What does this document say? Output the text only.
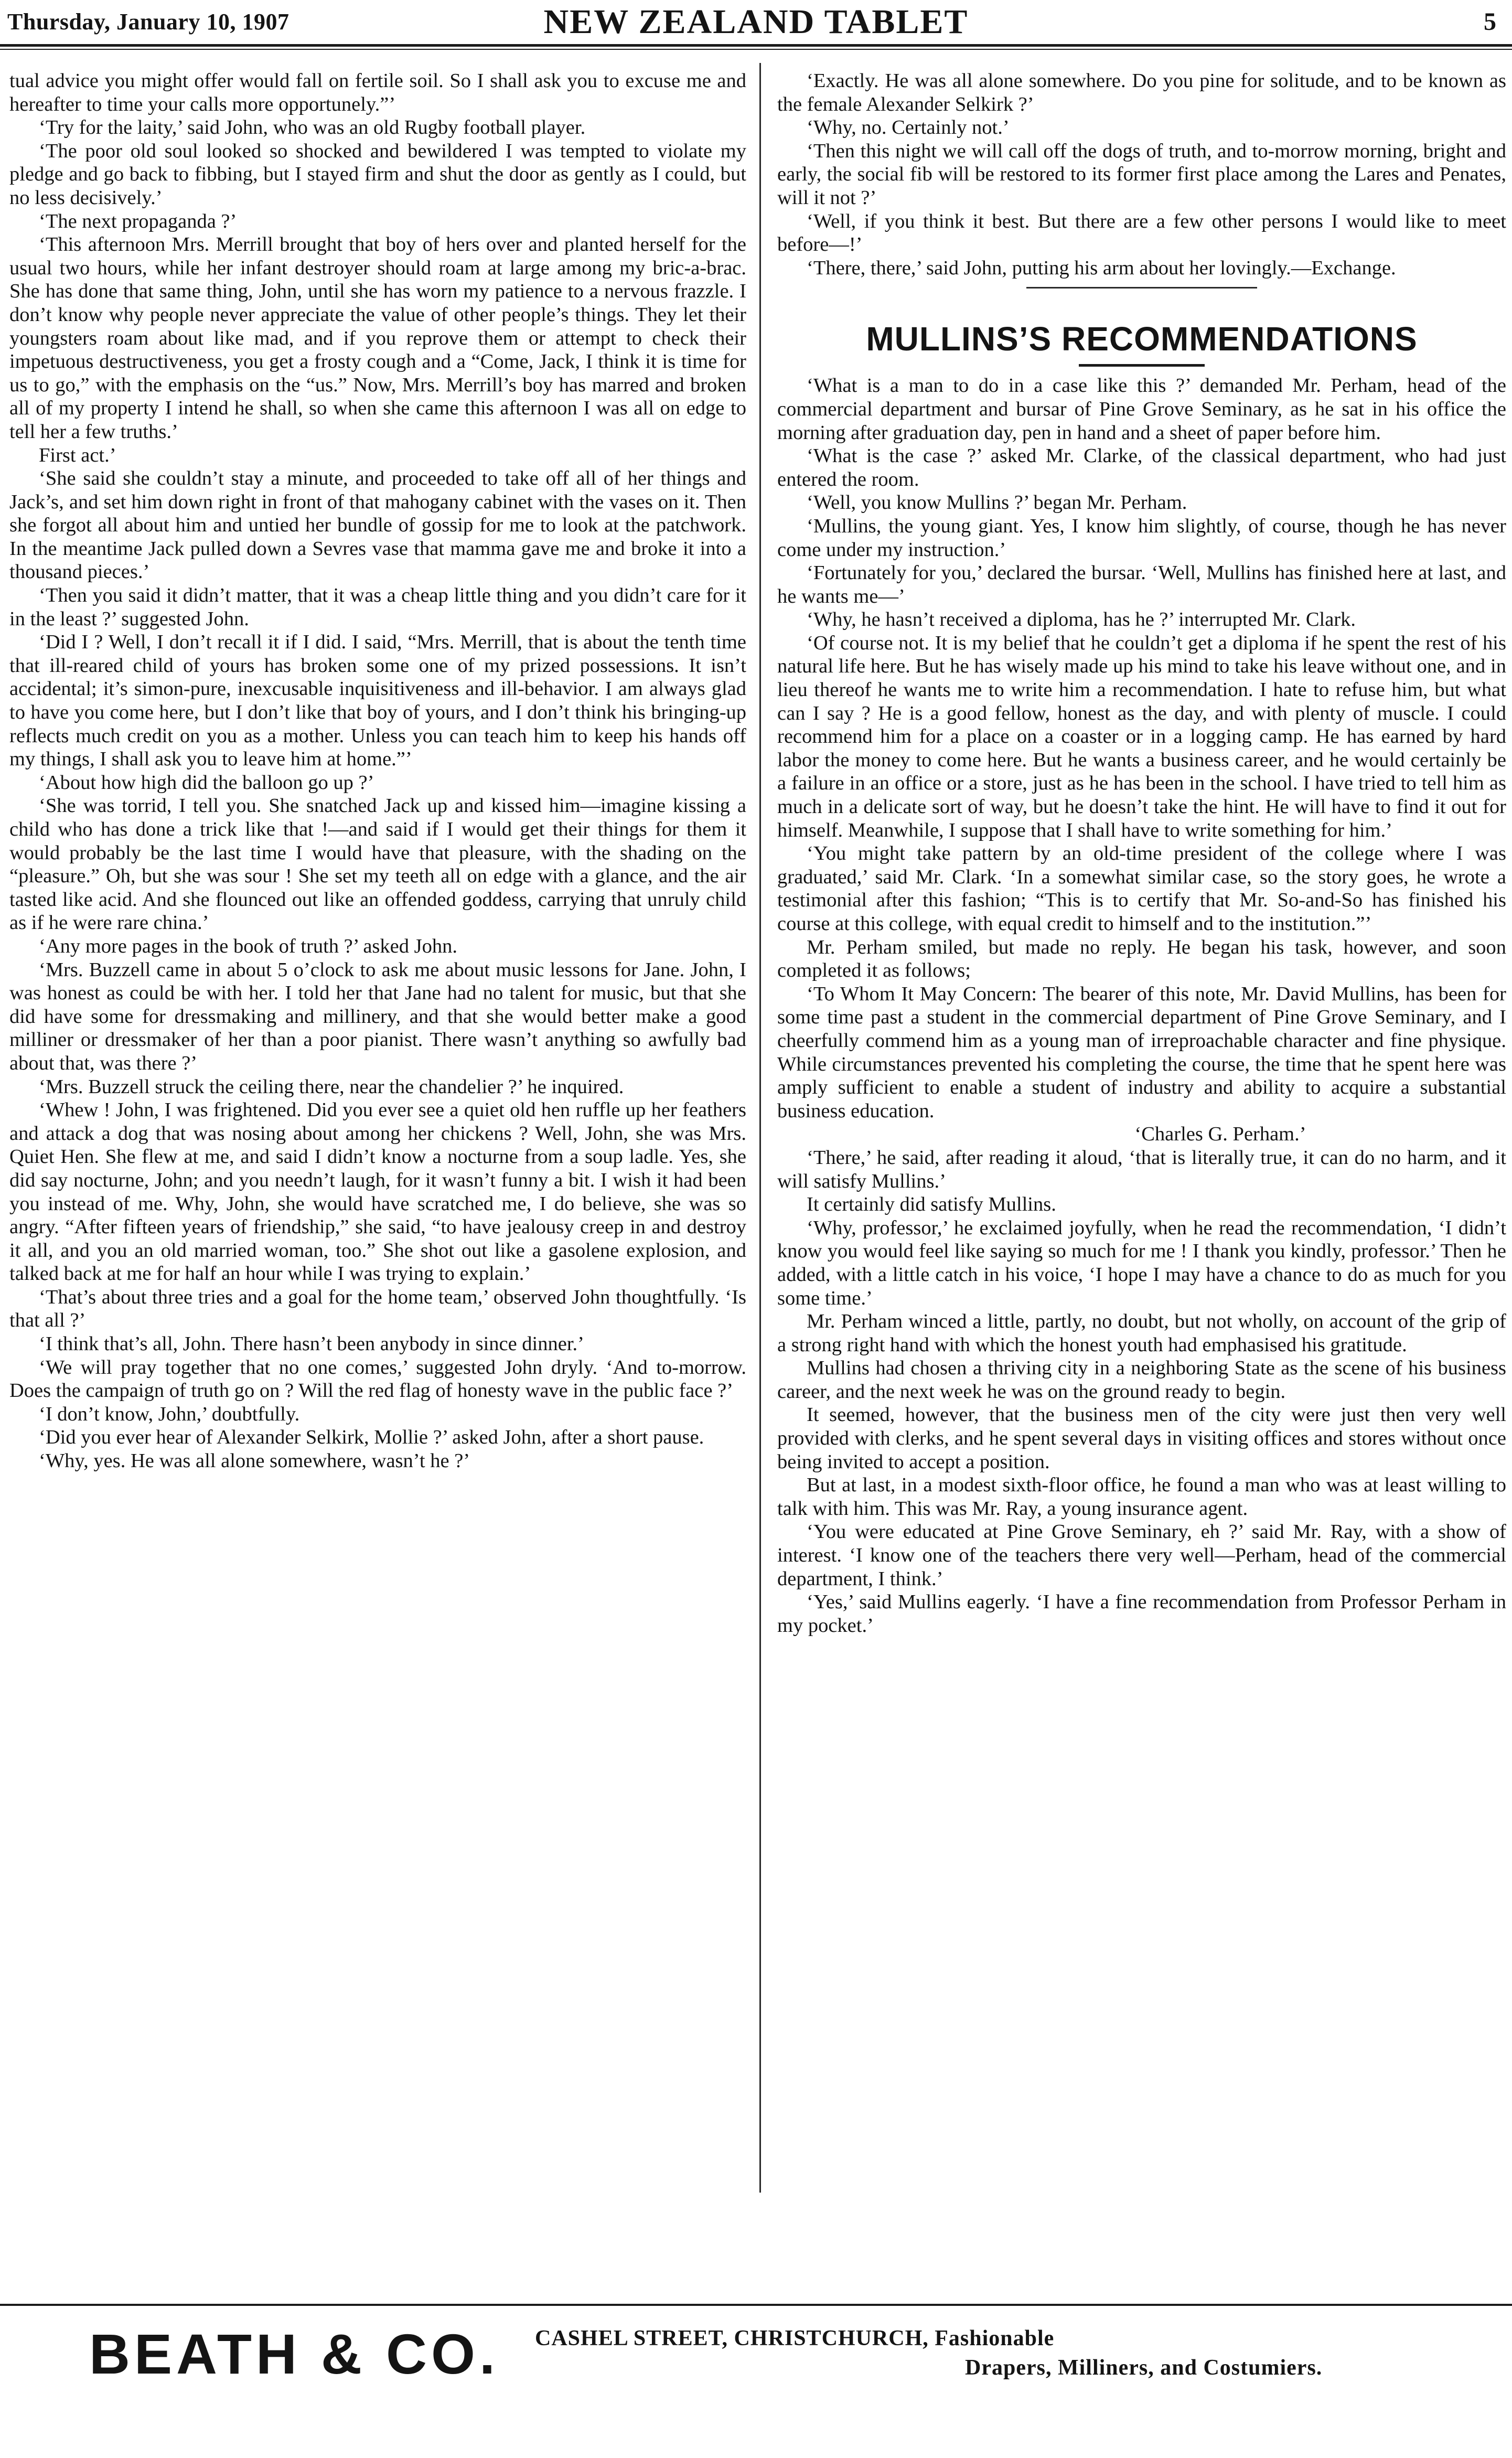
Thursday, January 10, 1907	NEW ZEALAND TABLET	5

tual advice you might offer would fall on fertile soil. So I shall ask you to excuse me and hereafter to time your calls more opportunely.”’

‘Try for the laity,’ said John, who was an old Rugby football player.

‘The poor old soul looked so shocked and bewildered I was tempted to violate my pledge and go back to fibbing, but I stayed firm and shut the door as gently as I could, but no less decisively.’

‘The next propaganda ?’

‘This afternoon Mrs. Merrill brought that boy of hers over and planted herself for the usual two hours, while her infant destroyer should roam at large among my bric-a-brac. She has done that same thing, John, until she has worn my patience to a nervous frazzle. I don’t know why people never appreciate the value of other people’s things. They let their youngsters roam about like mad, and if you reprove them or attempt to check their impetuous destructiveness, you get a frosty cough and a “Come, Jack, I think it is time for us to go,” with the emphasis on the “us.” Now, Mrs. Merrill’s boy has marred and broken all of my property I intend he shall, so when she came this afternoon I was all on edge to tell her a few truths.’

First act.’

‘She said she couldn’t stay a minute, and proceeded to take off all of her things and Jack’s, and set him down right in front of that mahogany cabinet with the vases on it. Then she forgot all about him and untied her bundle of gossip for me to look at the patchwork. In the meantime Jack pulled down a Sevres vase that mamma gave me and broke it into a thousand pieces.’

‘Then you said it didn’t matter, that it was a cheap little thing and you didn’t care for it in the least ?’ suggested John.

‘Did I ? Well, I don’t recall it if I did. I said, “Mrs. Merrill, that is about the tenth time that ill-reared child of yours has broken some one of my prized possessions. It isn’t accidental; it’s simon-pure, inexcusable inquisitiveness and ill-behavior. I am always glad to have you come here, but I don’t like that boy of yours, and I don’t think his bringing-up reflects much credit on you as a mother. Unless you can teach him to keep his hands off my things, I shall ask you to leave him at home.”’

‘About how high did the balloon go up ?’

‘She was torrid, I tell you. She snatched Jack up and kissed him—imagine kissing a child who has done a trick like that !—and said if I would get their things for them it would probably be the last time I would have that pleasure, with the shading on the “pleasure.” Oh, but she was sour ! She set my teeth all on edge with a glance, and the air tasted like acid. And she flounced out like an offended goddess, carrying that unruly child as if he were rare china.’

‘Any more pages in the book of truth ?’ asked John.

‘Mrs. Buzzell came in about 5 o’clock to ask me about music lessons for Jane. John, I was honest as could be with her. I told her that Jane had no talent for music, but that she did have some for dressmaking and millinery, and that she would better make a good milliner or dressmaker of her than a poor pianist. There wasn’t anything so awfully bad about that, was there ?’

‘Mrs. Buzzell struck the ceiling there, near the chandelier ?’ he inquired.

‘Whew ! John, I was frightened. Did you ever see a quiet old hen ruffle up her feathers and attack a dog that was nosing about among her chickens ? Well, John, she was Mrs. Quiet Hen. She flew at me, and said I didn’t know a nocturne from a soup ladle. Yes, she did say nocturne, John; and you needn’t laugh, for it wasn’t funny a bit. I wish it had been you instead of me. Why, John, she would have scratched me, I do believe, she was so angry. “After fifteen years of friendship,” she said, “to have jealousy creep in and destroy it all, and you an old married woman, too.” She shot out like a gasolene explosion, and talked back at me for half an hour while I was trying to explain.’

‘That’s about three tries and a goal for the home team,’ observed John thoughtfully. ‘Is that all ?’

‘I think that’s all, John. There hasn’t been anybody in since dinner.’

‘We will pray together that no one comes,’ suggested John dryly. ‘And to-morrow. Does the campaign of truth go on ? Will the red flag of honesty wave in the public face ?’

‘I don’t know, John,’ doubtfully.

‘Did you ever hear of Alexander Selkirk, Mollie ?’ asked John, after a short pause.

‘Why, yes. He was all alone somewhere, wasn’t he ?’

‘Exactly. He was all alone somewhere. Do you pine for solitude, and to be known as the female Alexander Selkirk ?’

‘Why, no. Certainly not.’

‘Then this night we will call off the dogs of truth, and to-morrow morning, bright and early, the social fib will be restored to its former first place among the Lares and Penates, will it not ?’

‘Well, if you think it best. But there are a few other persons I would like to meet before—!’

‘There, there,’ said John, putting his arm about her lovingly.—Exchange.

MULLINS’S RECOMMENDATIONS

‘What is a man to do in a case like this ?’ demanded Mr. Perham, head of the commercial department and bursar of Pine Grove Seminary, as he sat in his office the morning after graduation day, pen in hand and a sheet of paper before him.

‘What is the case ?’ asked Mr. Clarke, of the classical department, who had just entered the room.

‘Well, you know Mullins ?’ began Mr. Perham.

‘Mullins, the young giant. Yes, I know him slightly, of course, though he has never come under my instruction.’

‘Fortunately for you,’ declared the bursar. ‘Well, Mullins has finished here at last, and he wants me—’

‘Why, he hasn’t received a diploma, has he ?’ interrupted Mr. Clark.

‘Of course not. It is my belief that he couldn’t get a diploma if he spent the rest of his natural life here. But he has wisely made up his mind to take his leave without one, and in lieu thereof he wants me to write him a recommendation. I hate to refuse him, but what can I say ? He is a good fellow, honest as the day, and with plenty of muscle. I could recommend him for a place on a coaster or in a logging camp. He has earned by hard labor the money to come here. But he wants a business career, and he would certainly be a failure in an office or a store, just as he has been in the school. I have tried to tell him as much in a delicate sort of way, but he doesn’t take the hint. He will have to find it out for himself. Meanwhile, I suppose that I shall have to write something for him.’

‘You might take pattern by an old-time president of the college where I was graduated,’ said Mr. Clark. ‘In a somewhat similar case, so the story goes, he wrote a testimonial after this fashion; “This is to certify that Mr. So-and-So has finished his course at this college, with equal credit to himself and to the institution.”’

Mr. Perham smiled, but made no reply. He began his task, however, and soon completed it as follows;

‘To Whom It May Concern: The bearer of this note, Mr. David Mullins, has been for some time past a student in the commercial department of Pine Grove Seminary, and I cheerfully commend him as a young man of irreproachable character and fine physique. While circumstances prevented his completing the course, the time that he spent here was amply sufficient to enable a student of industry and ability to acquire a substantial business education.

‘Charles G. Perham.’

‘There,’ he said, after reading it aloud, ‘that is literally true, it can do no harm, and it will satisfy Mullins.’

It certainly did satisfy Mullins.

‘Why, professor,’ he exclaimed joyfully, when he read the recommendation, ‘I didn’t know you would feel like saying so much for me ! I thank you kindly, professor.’ Then he added, with a little catch in his voice, ‘I hope I may have a chance to do as much for you some time.’

Mr. Perham winced a little, partly, no doubt, but not wholly, on account of the grip of a strong right hand with which the honest youth had emphasised his gratitude.

Mullins had chosen a thriving city in a neighboring State as the scene of his business career, and the next week he was on the ground ready to begin.

It seemed, however, that the business men of the city were just then very well provided with clerks, and he spent several days in visiting offices and stores without once being invited to accept a position.

But at last, in a modest sixth-floor office, he found a man who was at least willing to talk with him. This was Mr. Ray, a young insurance agent.

‘You were educated at Pine Grove Seminary, eh ?’ said Mr. Ray, with a show of interest. ‘I know one of the teachers there very well—Perham, head of the commercial department, I think.’

‘Yes,’ said Mullins eagerly. ‘I have a fine recommendation from Professor Perham in my pocket.’

BEATH & CO. CASHEL STREET, CHRISTCHURCH, Fashionable
Drapers, Milliners, and Costumiers.
